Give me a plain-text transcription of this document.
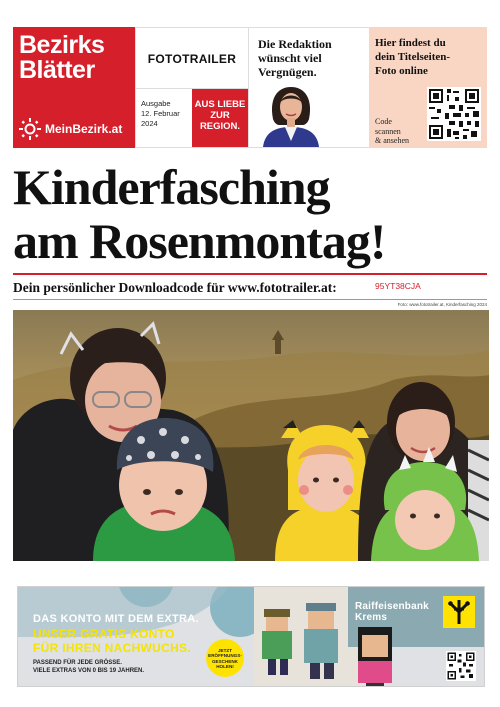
Bezirks
Blätter
MeinBezirk.at
FOTOTRAILER
Ausgabe
12. Februar
2024
AUS LIEBE
ZUR
REGION.
Die Redaktion
wünscht viel
Vergnügen.
Hier findest du
dein Titelseiten-
Foto online
Code
scannen
& ansehen
Kinderfasching
am Rosenmontag!
Dein persönlicher Downloadcode für www.fototrailer.at:	95YT38CJA
Foto: www.fototrailer.at, Kinderfasching 2024
DAS KONTO MIT DEM EXTRA.
UNSER GRATIS KONTO
FÜR IHREN NACHWUCHS.
PASSEND FÜR JEDE GRÖSSE.
VIELE EXTRAS VON 0 BIS 19 JAHREN.
JETZT
ERÖFFNUNGS-
GESCHENK
HOLEN!
Raiffeisenbank
Krems
